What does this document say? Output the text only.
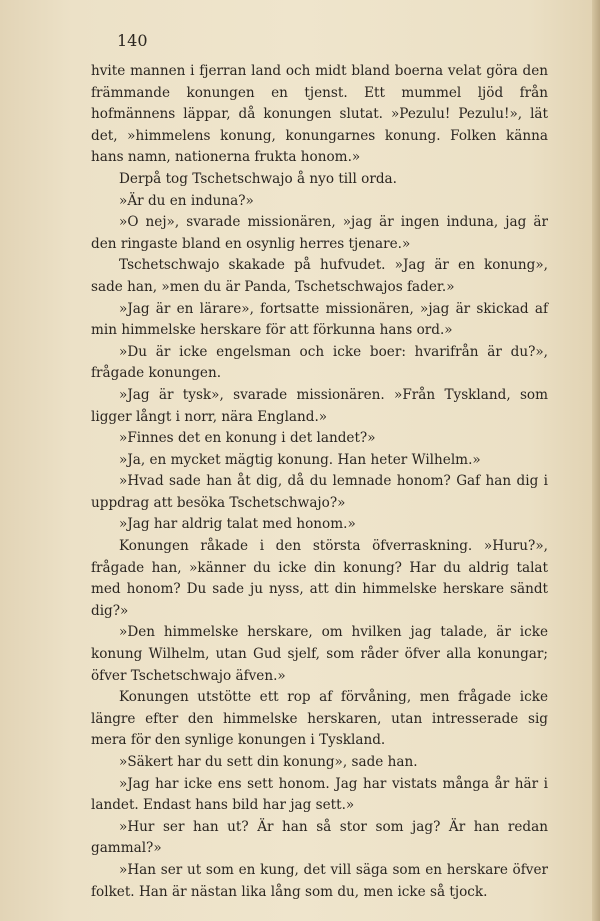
140

hvite mannen i fjerran land och midt bland boerna velat göra den främmande konungen en tjenst. Ett mummel ljöd från hofmännens läppar, då konungen slutat. »Pezulu! Pezulu!», lät det, »himmelens konung, konungarnes konung. Folken känna hans namn, nationerna frukta honom.»

Derpå tog Tschetschwajo å nyo till orda.

»Är du en induna?»

»O nej», svarade missionären, »jag är ingen induna, jag är den ringaste bland en osynlig herres tjenare.»

Tschetschwajo skakade på hufvudet. »Jag är en konung», sade han, »men du är Panda, Tschetschwajos fader.»

»Jag är en lärare», fortsatte missionären, »jag är skickad af min himmelske herskare för att förkunna hans ord.»

»Du är icke engelsman och icke boer: hvarifrån är du?», frågade konungen.

»Jag är tysk», svarade missionären. »Från Tyskland, som ligger långt i norr, nära England.»

»Finnes det en konung i det landet?»

»Ja, en mycket mägtig konung. Han heter Wilhelm.»

»Hvad sade han åt dig, då du lemnade honom? Gaf han dig i uppdrag att besöka Tschetschwajo?»

»Jag har aldrig talat med honom.»

Konungen råkade i den största öfverraskning. »Huru?», frågade han, »känner du icke din konung? Har du aldrig talat med honom? Du sade ju nyss, att din himmelske herskare sändt dig?»

»Den himmelske herskare, om hvilken jag talade, är icke konung Wilhelm, utan Gud sjelf, som råder öfver alla konungar; öfver Tschetschwajo äfven.»

Konungen utstötte ett rop af förvåning, men frågade icke längre efter den himmelske herskaren, utan intresserade sig mera för den synlige konungen i Tyskland.

»Säkert har du sett din konung», sade han.

»Jag har icke ens sett honom. Jag har vistats många år här i landet. Endast hans bild har jag sett.»

»Hur ser han ut? Är han så stor som jag? Är han redan gammal?»

»Han ser ut som en kung, det vill säga som en herskare öfver folket. Han är nästan lika lång som du, men icke så tjock.
